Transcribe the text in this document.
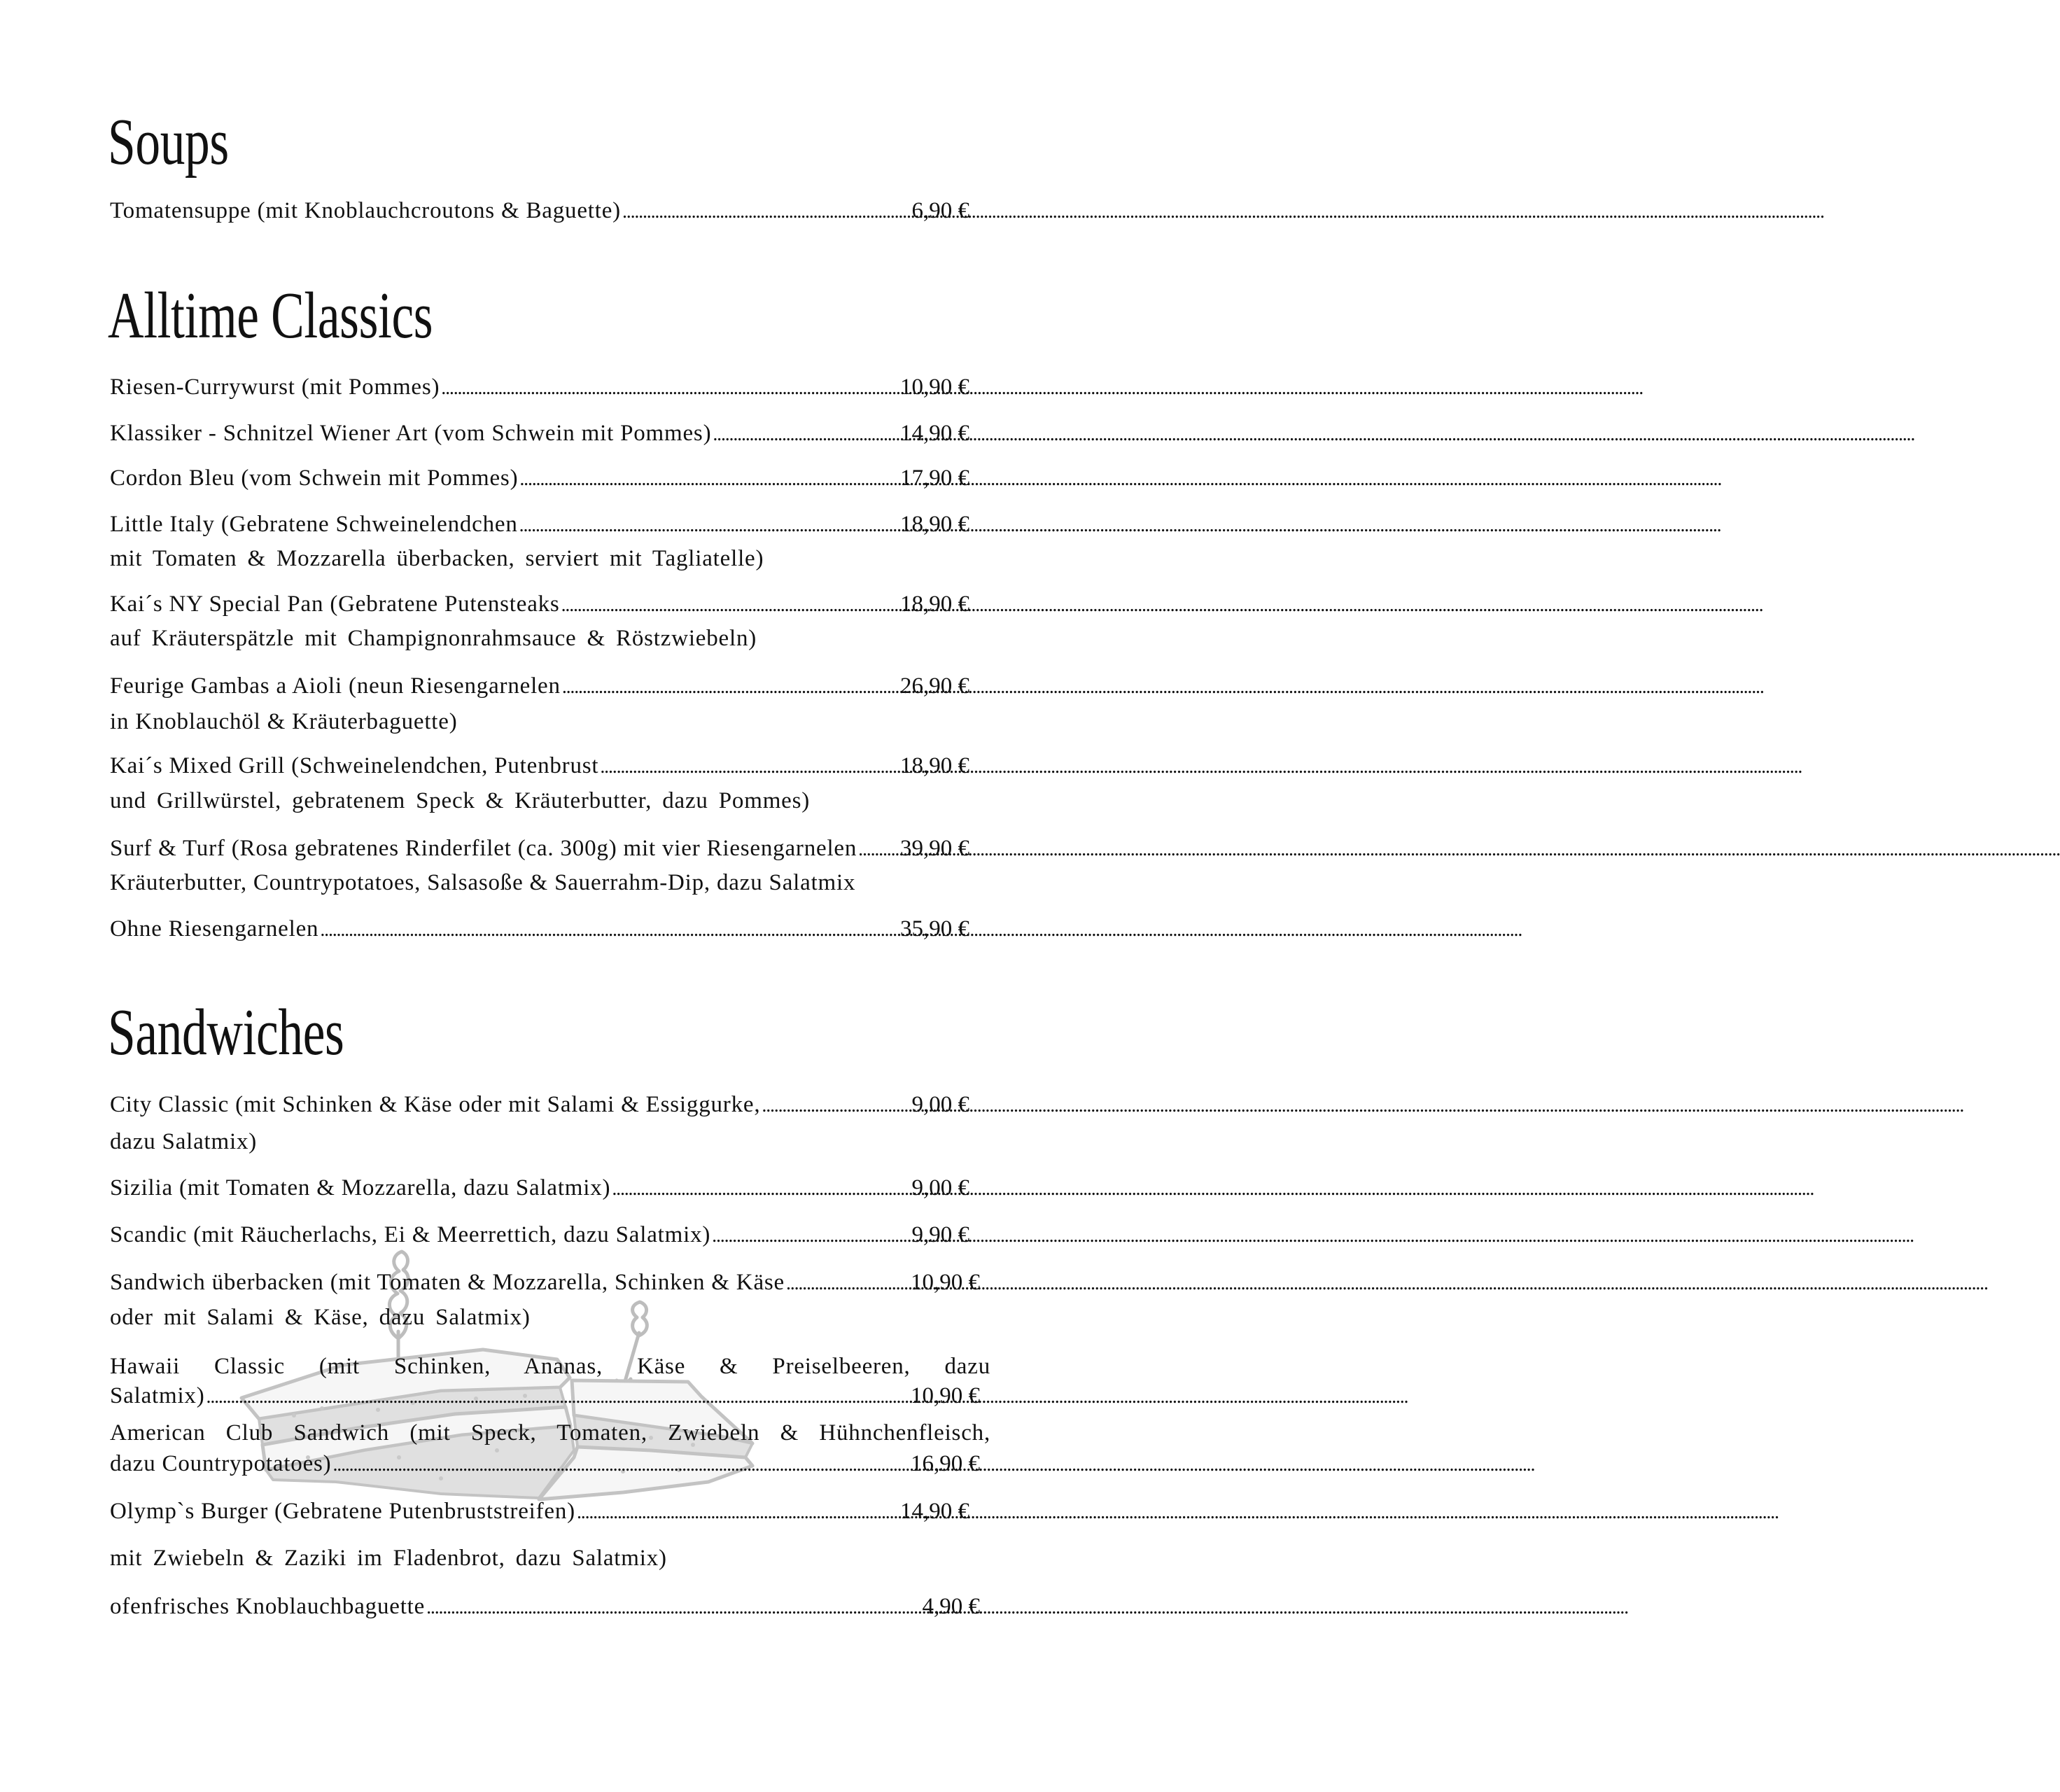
Soups
Tomatensuppe (mit Knoblauchcroutons & Baguette)
.....	6,90 €
Alltime Classics
Riesen-Currywurst (mit Pommes)
.....	10,90 €
Klassiker - Schnitzel Wiener Art (vom Schwein mit Pommes)
.....	14,90 €
Cordon Bleu (vom Schwein mit Pommes)
.....	17,90 €
Little Italy (Gebratene Schweinelendchen
.....	18,90 €
mit Tomaten & Mozzarella überbacken, serviert mit Tagliatelle)
Kai´s NY Special Pan (Gebratene Putensteaks
.....	18,90 €
auf Kräuterspätzle mit Champignonrahmsauce & Röstzwiebeln)
Feurige Gambas a Aioli (neun Riesengarnelen
.....	26,90 €
in Knoblauchöl & Kräuterbaguette)
Kai´s Mixed Grill (Schweinelendchen, Putenbrust
.....	18,90 €
und Grillwürstel, gebratenem Speck & Kräuterbutter, dazu Pommes)
Surf & Turf (Rosa gebratenes Rinderfilet (ca. 300g) mit vier Riesengarnelen
..... 39,90 €
Kräuterbutter, Countrypotatoes, Salsasoße & Sauerrahm-Dip, dazu Salatmix
Ohne Riesengarnelen
.....	35,90 €
Sandwiches
City Classic (mit Schinken & Käse oder mit Salami & Essiggurke,
.....	9,00 €
dazu Salatmix)
Sizilia (mit Tomaten & Mozzarella, dazu Salatmix)
.....	9,00 €
Scandic (mit Räucherlachs, Ei & Meerrettich, dazu Salatmix)
.....	9,90 €
Sandwich überbacken (mit Tomaten & Mozzarella, Schinken & Käse
.....	10,90 €
oder mit Salami & Käse, dazu Salatmix)
Hawaii Classic (mit Schinken, Ananas, Käse & Preiselbeeren, dazu
Salatmix)
.....	10,90 €
American Club Sandwich (mit Speck, Tomaten, Zwiebeln & Hühnchenfleisch,
dazu Countrypotatoes)
.....	16,90 €
Olymp`s Burger (Gebratene Putenbruststreifen)
.....	14,90 €
mit Zwiebeln & Zaziki im Fladenbrot, dazu Salatmix)
ofenfrisches Knoblauchbaguette
.....	4,90 €
